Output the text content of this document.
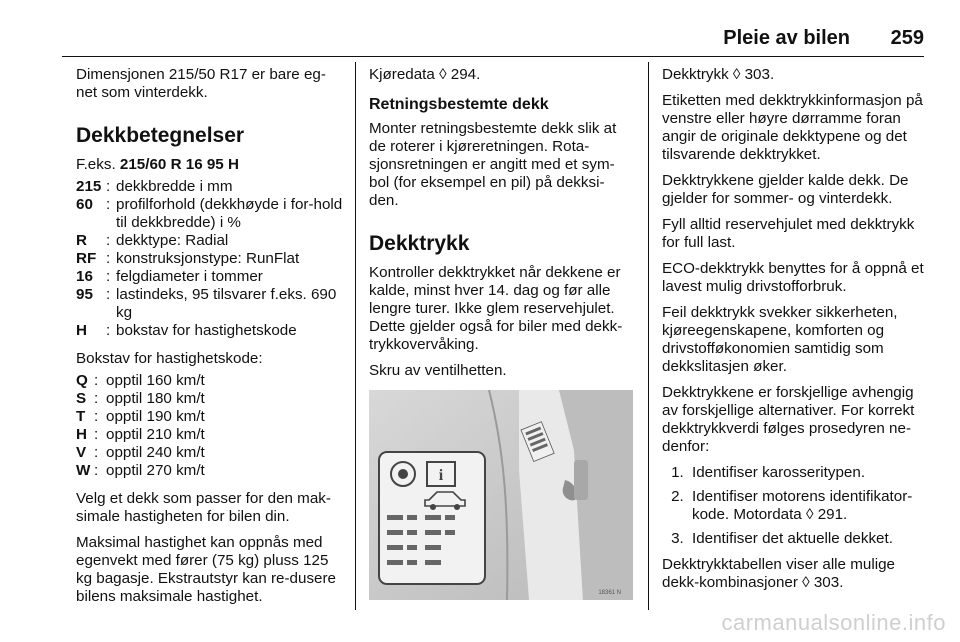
Pleie av bilen 259

Dimensjonen 215/50 R17 er bare eg-net som vinterdekk.

Dekkbetegnelser

F.eks. 215/60 R 16 95 H

215 : dekkbredde i mm
60 : profilforhold (dekkhøyde i for-hold til dekkbredde) i %
R	: dekktype: Radial
RF : konstruksjonstype: RunFlat
16 : felgdiameter i tommer
95 : lastindeks, 95 tilsvarer f.eks. 690 kg
H	: bokstav for hastighetskode

Bokstav for hastighetskode:

Q : opptil 160 km/t
S : opptil 180 km/t
T : opptil 190 km/t
H : opptil 210 km/t
V : opptil 240 km/t
W : opptil 270 km/t

Velg et dekk som passer for den mak-simale hastigheten for bilen din.

Maksimal hastighet kan oppnås med egenvekt med fører (75 kg) pluss 125 kg bagasje. Ekstrautstyr kan re-dusere bilens maksimale hastighet.

Kjøredata ◊ 294.

Retningsbestemte dekk

Monter retningsbestemte dekk slik at de roterer i kjøreretningen. Rota-sjonsretningen er angitt med et sym-bol (for eksempel en pil) på dekksi-den.

Dekktrykk

Kontroller dekktrykket når dekkene er kalde, minst hver 14. dag og før alle lengre turer. Ikke glem reservehjulet. Dette gjelder også for biler med dekk-trykkovervåking.

Skru av ventilhetten.

i
18361 N

Dekktrykk ◊ 303.

Etiketten med dekktrykkinformasjon på venstre eller høyre dørramme foran angir de originale dekktypene og det tilsvarende dekktrykket.

Dekktrykkene gjelder kalde dekk. De gjelder for sommer- og vinterdekk.

Fyll alltid reservehjulet med dekktrykk for full last.

ECO-dekktrykk benyttes for å oppnå et lavest mulig drivstofforbruk.

Feil dekktrykk svekker sikkerheten, kjøreegenskapene, komforten og drivstofføkonomien samtidig som dekkslitasjen øker.

Dekktrykkene er forskjellige avhengig av forskjellige alternativer. For korrekt dekktrykkverdi følges prosedyren ne-denfor:

1. Identifiser karosseritypen.
2. Identifiser motorens identifikator-kode. Motordata ◊ 291.
3. Identifiser det aktuelle dekket.

Dekktrykktabellen viser alle mulige dekk-kombinasjoner ◊ 303.

carmanualsonline.info
